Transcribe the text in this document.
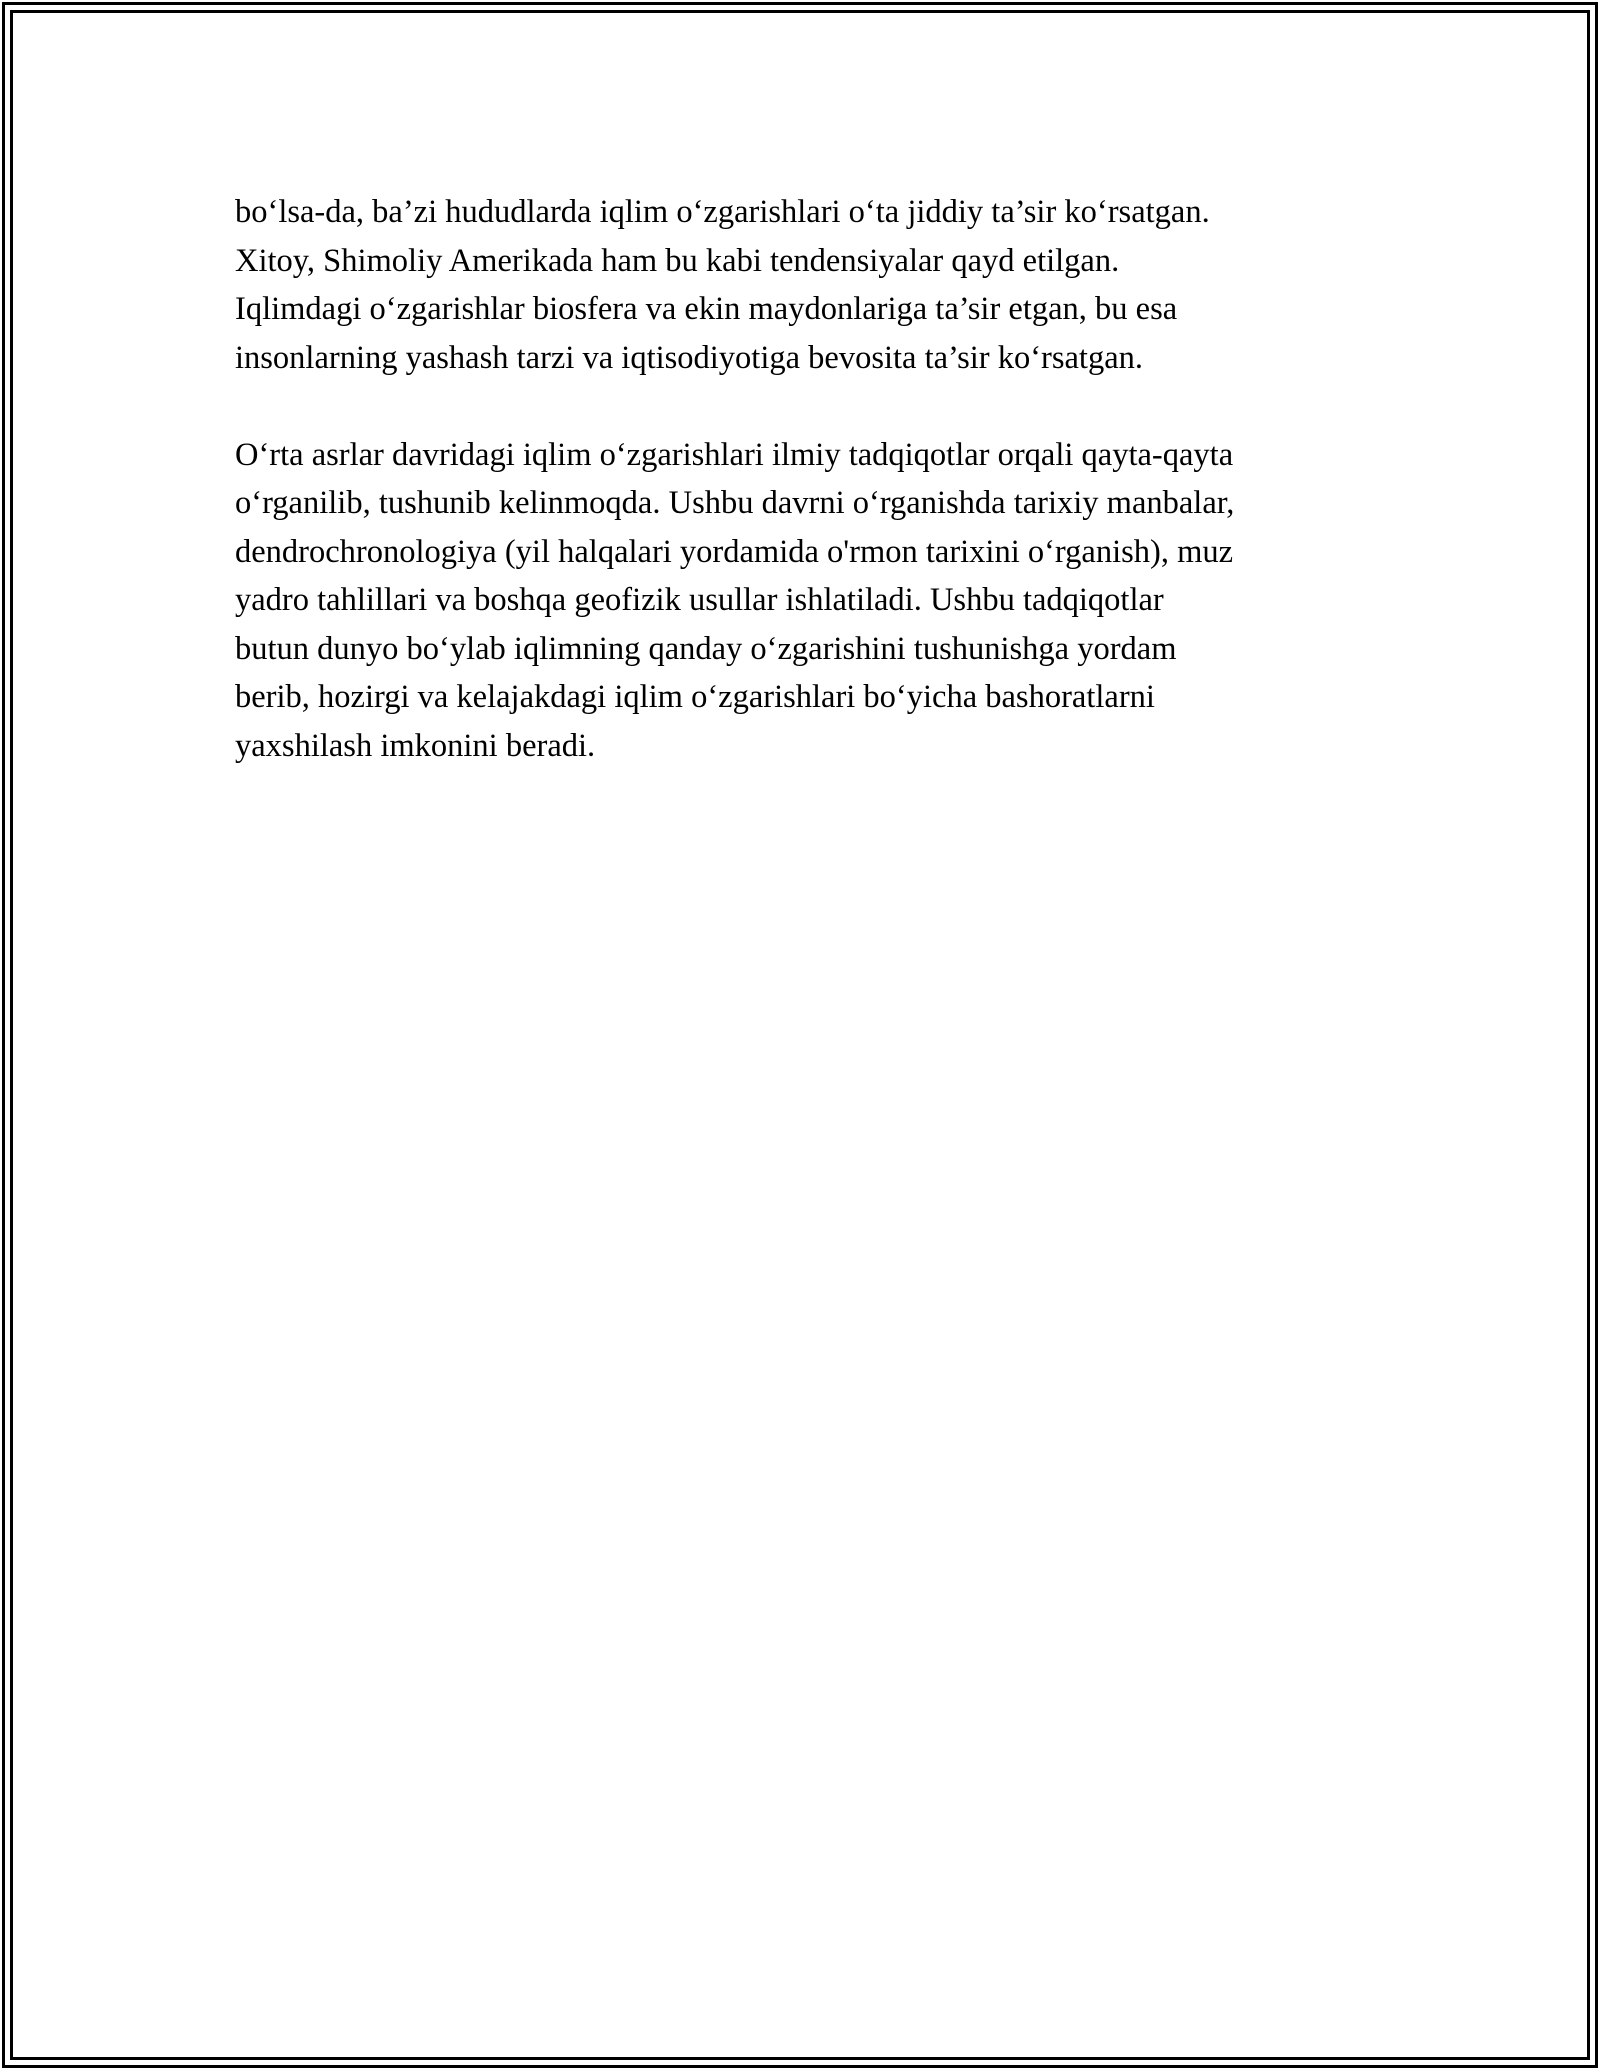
bo‘lsa-da, ba’zi hududlarda iqlim o‘zgarishlari o‘ta jiddiy ta’sir ko‘rsatgan.
Xitoy, Shimoliy Amerikada ham bu kabi tendensiyalar qayd etilgan.
Iqlimdagi o‘zgarishlar biosfera va ekin maydonlariga ta’sir etgan, bu esa
insonlarning yashash tarzi va iqtisodiyotiga bevosita ta’sir ko‘rsatgan.

O‘rta asrlar davridagi iqlim o‘zgarishlari ilmiy tadqiqotlar orqali qayta-qayta
o‘rganilib, tushunib kelinmoqda. Ushbu davrni o‘rganishda tarixiy manbalar,
dendrochronologiya (yil halqalari yordamida o'rmon tarixini o‘rganish), muz
yadro tahlillari va boshqa geofizik usullar ishlatiladi. Ushbu tadqiqotlar
butun dunyo bo‘ylab iqlimning qanday o‘zgarishini tushunishga yordam
berib, hozirgi va kelajakdagi iqlim o‘zgarishlari bo‘yicha bashoratlarni
yaxshilash imkonini beradi.
